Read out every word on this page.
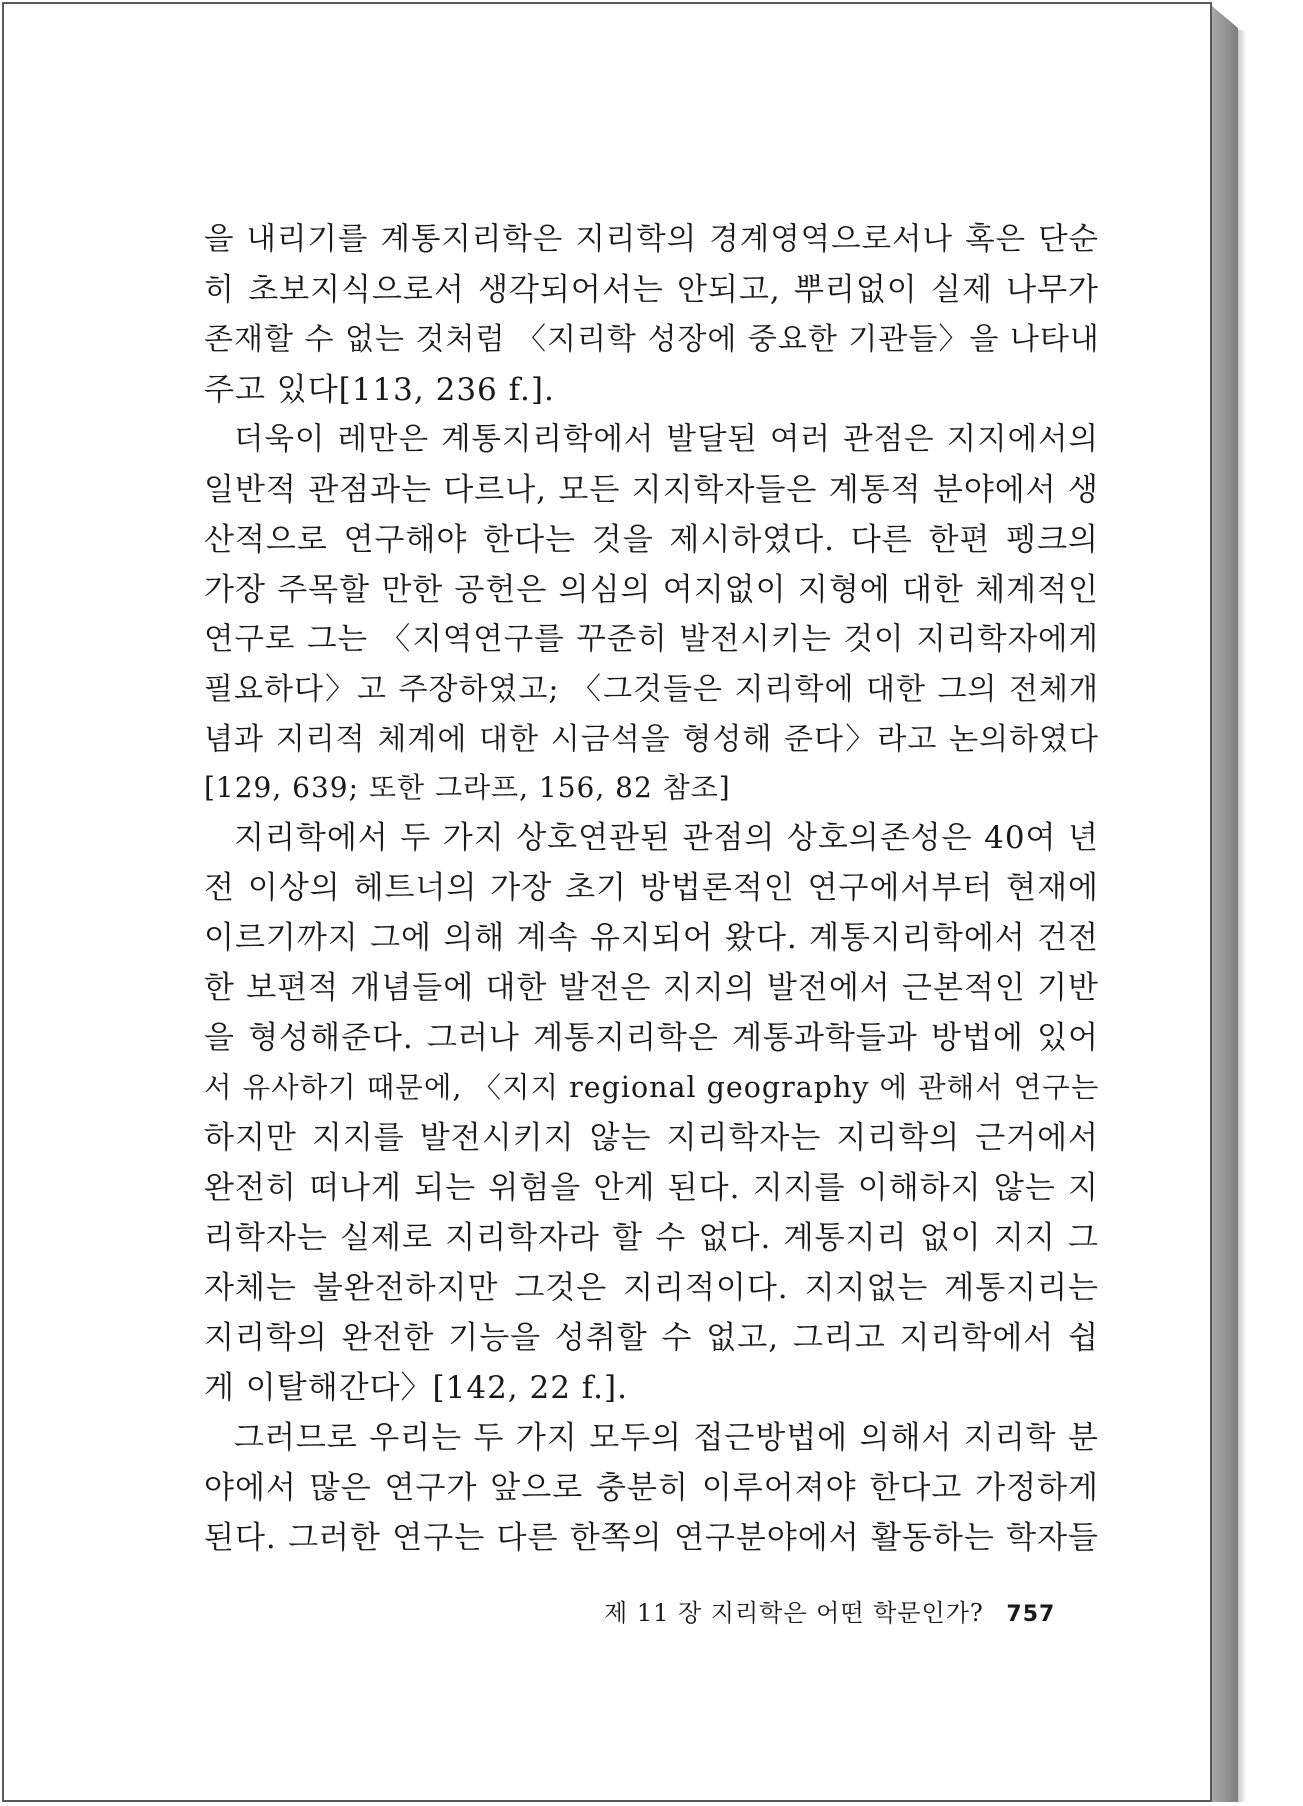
을 내리기를 계통지리학은 지리학의 경계영역으로서나 혹은 단순
히 초보지식으로서 생각되어서는 안되고, 뿌리없이 실제 나무가
존재할 수 없는 것처럼 〈지리학 성장에 중요한 기관들〉을 나타내
주고 있다[113, 236 f.].
더욱이 레만은 계통지리학에서 발달된 여러 관점은 지지에서의
일반적 관점과는 다르나, 모든 지지학자들은 계통적 분야에서 생
산적으로 연구해야 한다는 것을 제시하였다. 다른 한편 펭크의
가장 주목할 만한 공헌은 의심의 여지없이 지형에 대한 체계적인
연구로 그는 〈지역연구를 꾸준히 발전시키는 것이 지리학자에게
필요하다〉고 주장하였고; 〈그것들은 지리학에 대한 그의 전체개
념과 지리적 체계에 대한 시금석을 형성해 준다〉라고 논의하였다
[129, 639; 또한 그라프, 156, 82 참조]
지리학에서 두 가지 상호연관된 관점의 상호의존성은 40여 년
전 이상의 헤트너의 가장 초기 방법론적인 연구에서부터 현재에
이르기까지 그에 의해 계속 유지되어 왔다. 계통지리학에서 건전
한 보편적 개념들에 대한 발전은 지지의 발전에서 근본적인 기반
을 형성해준다. 그러나 계통지리학은 계통과학들과 방법에 있어
서 유사하기 때문에, 〈지지 regional geography 에 관해서 연구는
하지만 지지를 발전시키지 않는 지리학자는 지리학의 근거에서
완전히 떠나게 되는 위험을 안게 된다. 지지를 이해하지 않는 지
리학자는 실제로 지리학자라 할 수 없다. 계통지리 없이 지지 그
자체는 불완전하지만 그것은 지리적이다. 지지없는 계통지리는
지리학의 완전한 기능을 성취할 수 없고, 그리고 지리학에서 쉽
게 이탈해간다〉[142, 22 f.].
그러므로 우리는 두 가지 모두의 접근방법에 의해서 지리학 분
야에서 많은 연구가 앞으로 충분히 이루어져야 한다고 가정하게
된다. 그러한 연구는 다른 한쪽의 연구분야에서 활동하는 학자들
제 11 장 지리학은 어떤 학문인가? 757
